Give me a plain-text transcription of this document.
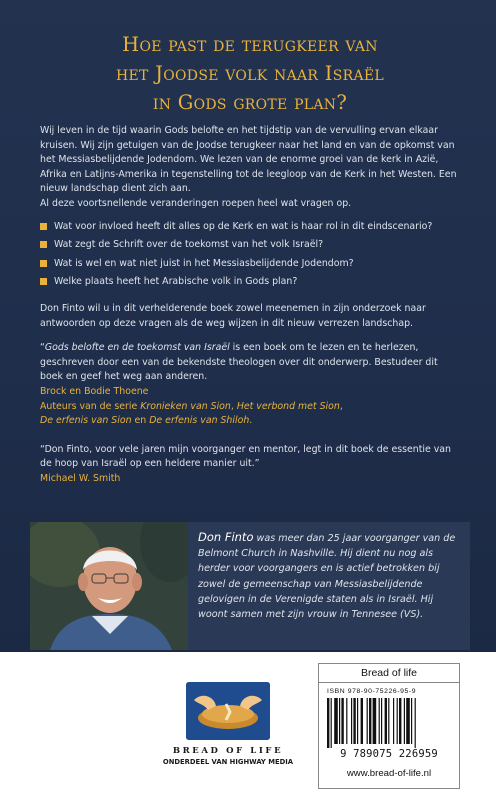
Hoe past de terugkeer van
het Joodse volk naar Israël
in Gods grote plan?

Wij leven in de tijd waarin Gods belofte en het tijdstip van de vervulling ervan elkaar kruisen. Wij zijn getuigen van de Joodse terugkeer naar het land en van de opkomst van het Messiasbelijdende Jodendom. We lezen van de enorme groei van de kerk in Azië, Afrika en Latijns-Amerika in tegenstelling tot de leegloop van de Kerk in het Westen. Een nieuw landschap dient zich aan.
Al deze voortsnellende veranderingen roepen heel wat vragen op.

Wat voor invloed heeft dit alles op de Kerk en wat is haar rol in dit eindscenario?
Wat zegt de Schrift over de toekomst van het volk Israël?
Wat is wel en wat niet juist in het Messiasbelijdende Jodendom?
Welke plaats heeft het Arabische volk in Gods plan?

Don Finto wil u in dit verhelderende boek zowel meenemen in zijn onderzoek naar antwoorden op deze vragen als de weg wijzen in dit nieuw verrezen landschap.

“Gods belofte en de toekomst van Israël is een boek om te lezen en te herlezen, geschreven door een van de bekendste theologen over dit onderwerp. Bestudeer dit boek en geef het weg aan anderen.
Brock en Bodie Thoene
Auteurs van de serie Kronieken van Sion, Het verbond met Sion,
De erfenis van Sion en De erfenis van Shiloh.
“Don Finto, voor vele jaren mijn voorganger en mentor, legt in dit boek de essentie van de hoop van Israël op een heldere manier uit.”
Michael W. Smith
Don Finto was meer dan 25 jaar voorganger van de Belmont Church in Nashville. Hij dient nu nog als herder voor voorgangers en is actief betrokken bij zowel de gemeenschap van Messiasbelijdende gelovigen in de Verenigde staten als in Israël. Hij woont samen met zijn vrouw in Tennesee (VS).
BREAD OF LIFE
ONDERDEEL VAN HIGHWAY MEDIA
Bread of life
ISBN 978-90-75226-95-9
9 789075 226959
www.bread-of-life.nl
